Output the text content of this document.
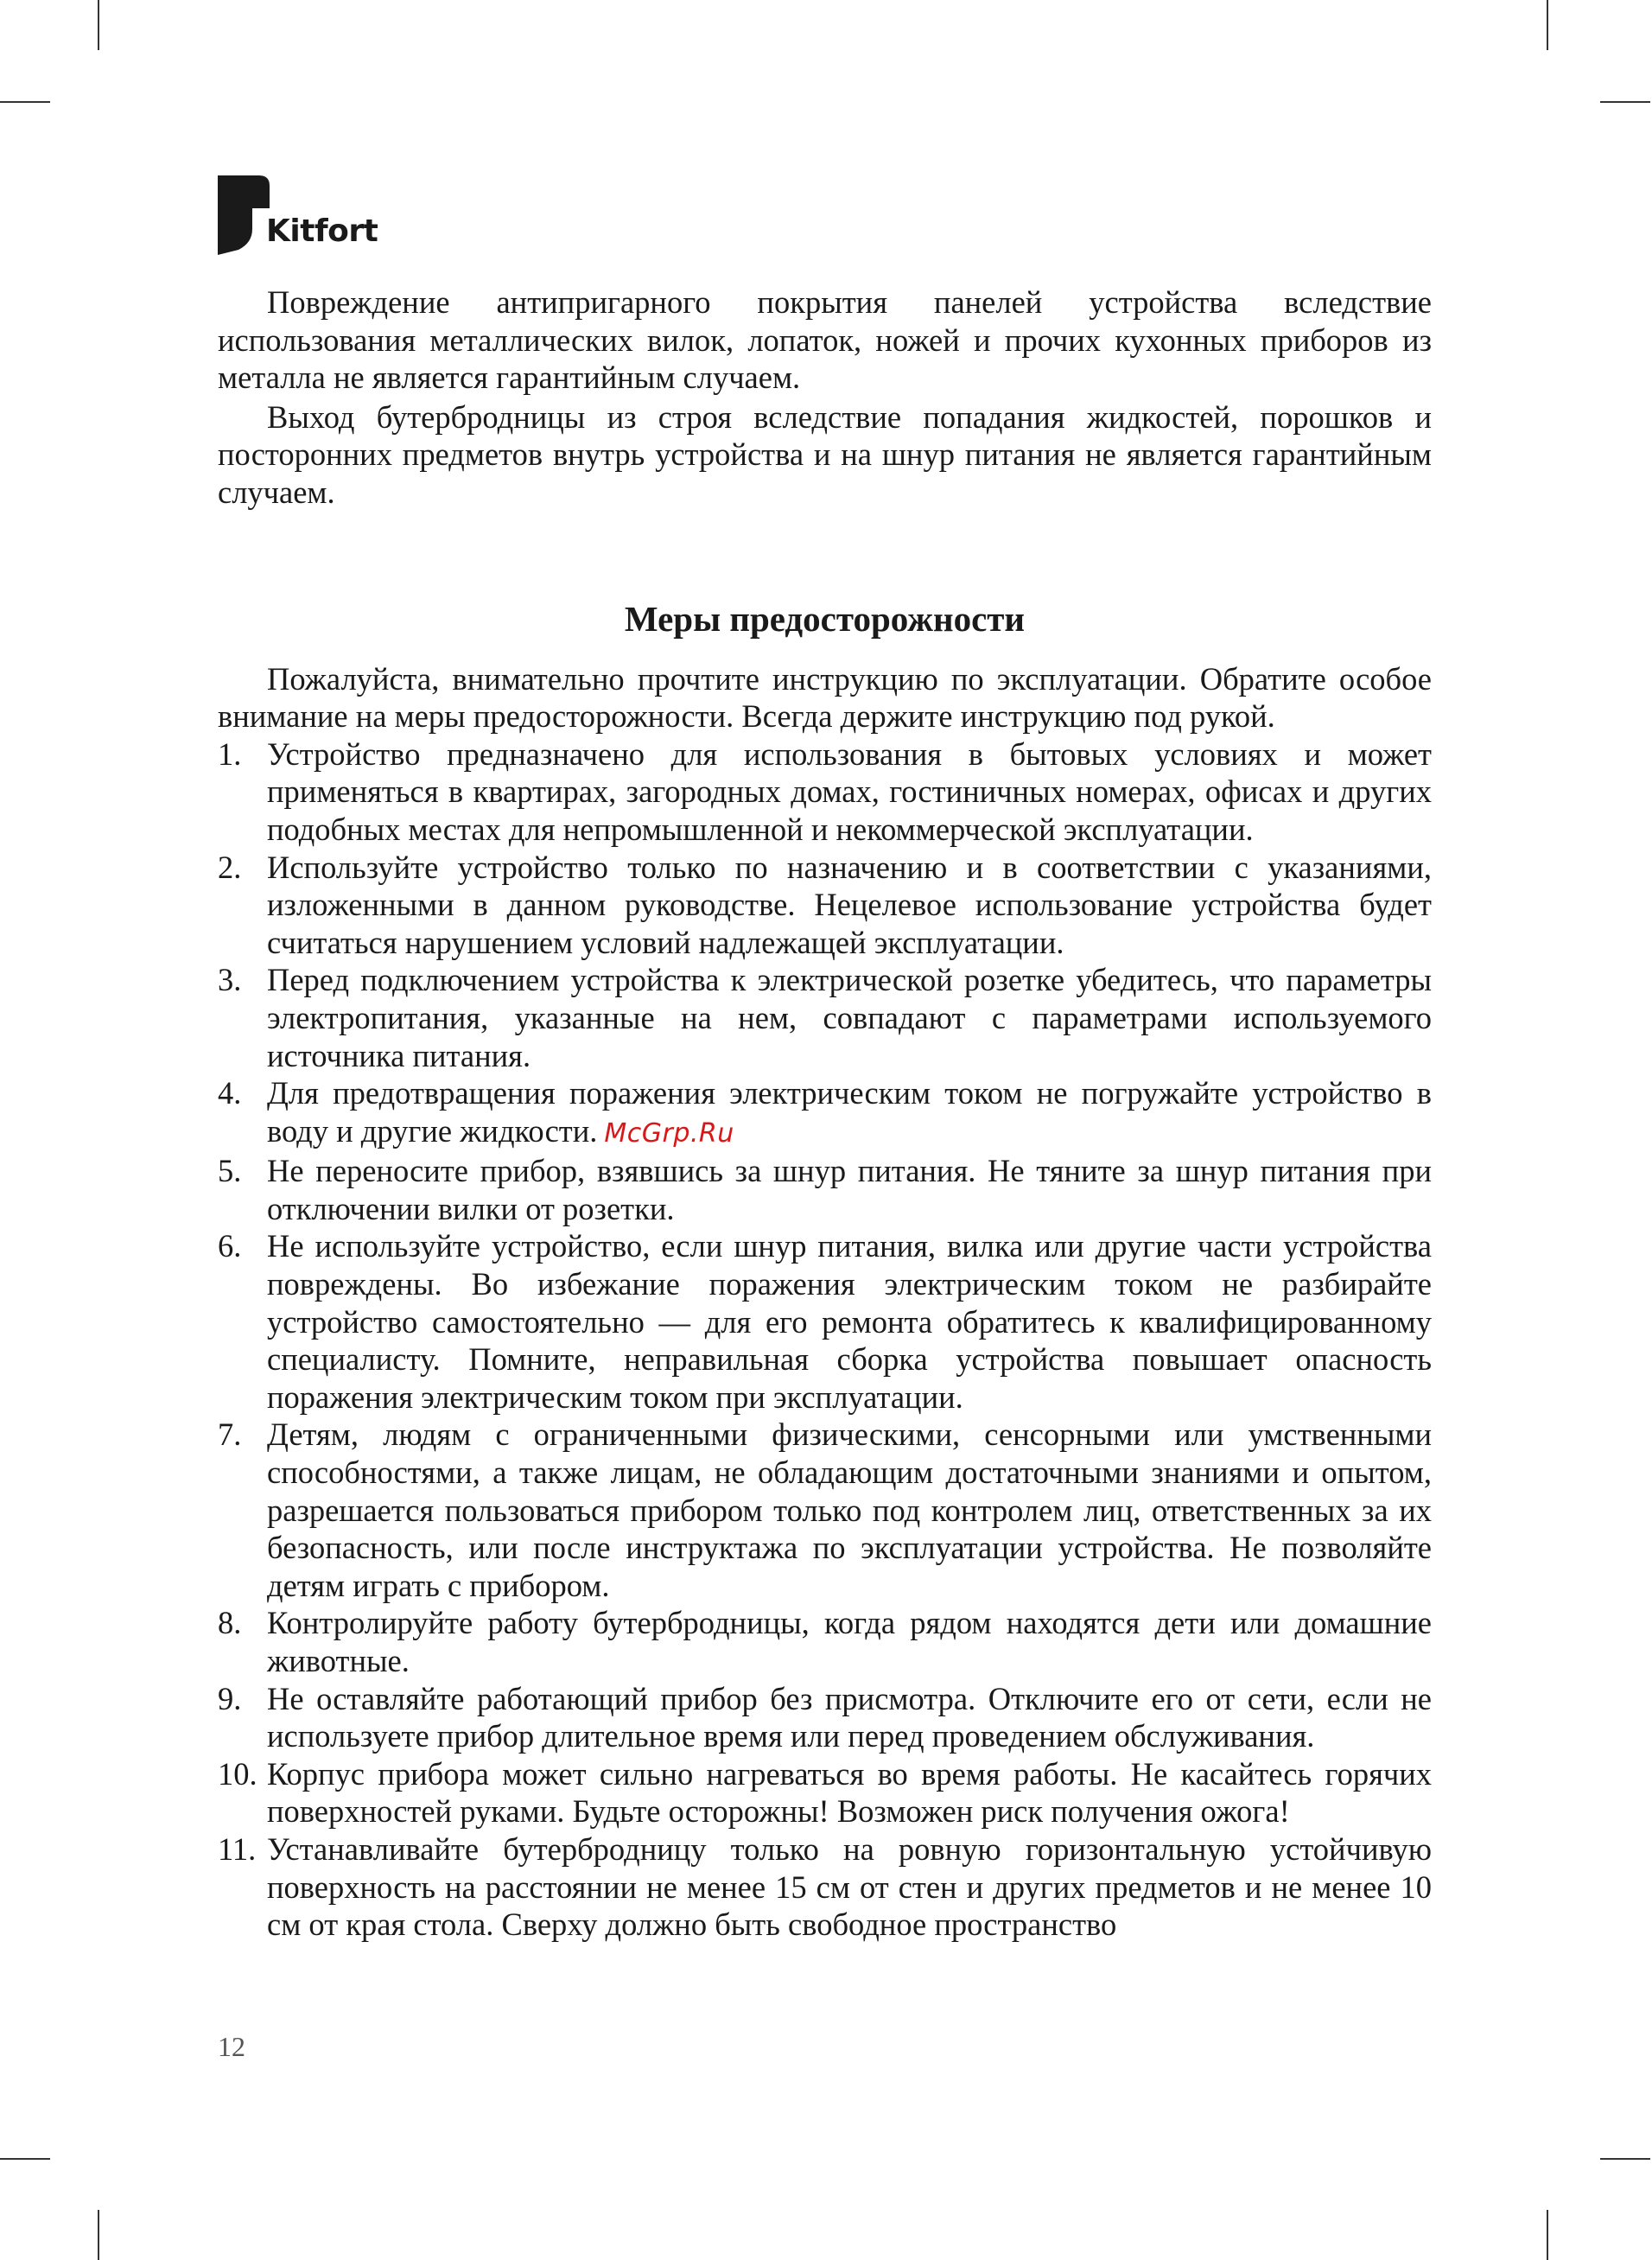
Kitfort

Повреждение антипригарного покрытия панелей устройства вследствие использования металлических вилок, лопаток, ножей и прочих кухонных приборов из металла не является гарантийным случаем.

Выход бутербродницы из строя вследствие попадания жидкостей, порошков и посторонних предметов внутрь устройства и на шнур питания не является гарантийным случаем.

Меры предосторожности

Пожалуйста, внимательно прочтите инструкцию по эксплуатации. Обратите особое внимание на меры предосторожности. Всегда держите инструкцию под рукой.

1. Устройство предназначено для использования в бытовых условиях и может применяться в квартирах, загородных домах, гостиничных номерах, офисах и других подобных местах для непромышленной и некоммерческой эксплуатации.
2. Используйте устройство только по назначению и в соответствии с указаниями, изложенными в данном руководстве. Нецелевое использование устройства будет считаться нарушением условий надлежащей эксплуатации.
3. Перед подключением устройства к электрической розетке убедитесь, что параметры электропитания, указанные на нем, совпадают с параметрами используемого источника питания.
4. Для предотвращения поражения электрическим током не погружайте устройство в воду и другие жидкости. McGrp.Ru
5. Не переносите прибор, взявшись за шнур питания. Не тяните за шнур питания при отключении вилки от розетки.
6. Не используйте устройство, если шнур питания, вилка или другие части устройства повреждены. Во избежание поражения электрическим током не разбирайте устройство самостоятельно — для его ремонта обратитесь к квалифицированному специалисту. Помните, неправильная сборка устройства повышает опасность поражения электрическим током при эксплуатации.
7. Детям, людям с ограниченными физическими, сенсорными или умственными способностями, а также лицам, не обладающим достаточными знаниями и опытом, разрешается пользоваться прибором только под контролем лиц, ответственных за их безопасность, или после инструктажа по эксплуатации устройства. Не позволяйте детям играть с прибором.
8. Контролируйте работу бутербродницы, когда рядом находятся дети или домашние животные.
9. Не оставляйте работающий прибор без присмотра. Отключите его от сети, если не используете прибор длительное время или перед проведением обслуживания.
10. Корпус прибора может сильно нагреваться во время работы. Не касайтесь горячих поверхностей руками. Будьте осторожны! Возможен риск получения ожога!
11. Устанавливайте бутербродницу только на ровную горизонтальную устойчивую поверхность на расстоянии не менее 15 см от стен и других предметов и не менее 10 см от края стола. Сверху должно быть свободное пространство
12
